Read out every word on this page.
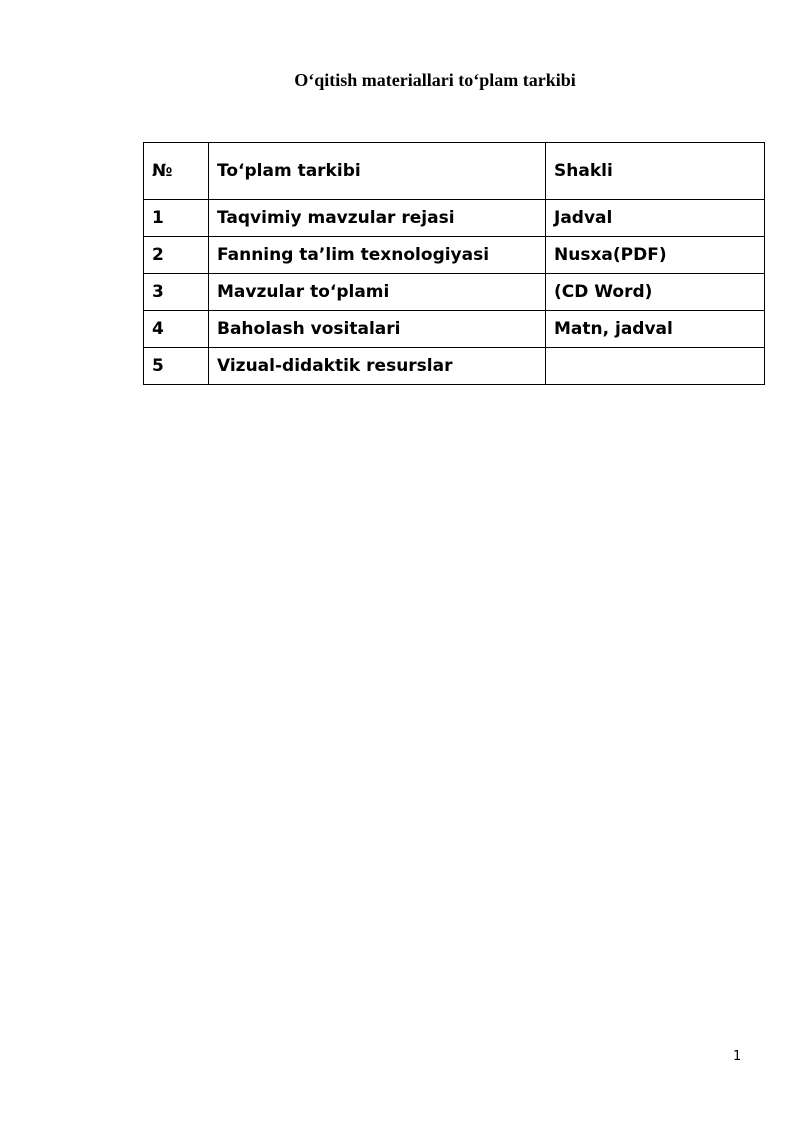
O‘qitish materiallari to‘plam tarkibi
№	To‘plam tarkibi	Shakli
1	Taqvimiy mavzular rejasi	Jadval
2	Fanning ta’lim texnologiyasi	Nusxa(PDF)
3	Mavzular to‘plami	(CD Word)
4	Baholash vositalari	Matn, jadval
5	Vizual-didaktik resurslar	
1
